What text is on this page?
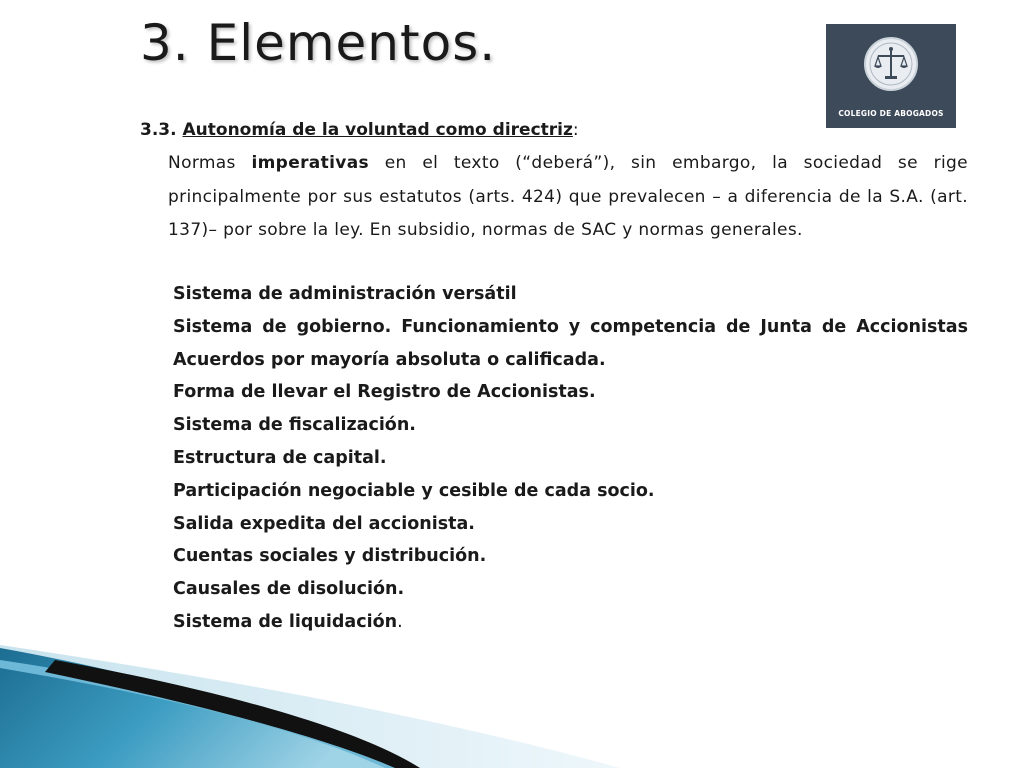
3. Elementos.
COLEGIO DE ABOGADOS
3.3. Autonomía de la voluntad como directriz:
Normas imperativas en el texto (“deberá”), sin embargo, la sociedad se rige principalmente por sus estatutos (arts. 424) que prevalecen – a diferencia de la S.A. (art. 137)– por sobre la ley. En subsidio, normas de SAC y normas generales.
Sistema de administración versátil
Sistema de gobierno. Funcionamiento y competencia de Junta de Accionistas Acuerdos por mayoría absoluta o calificada.
Forma de llevar el Registro de Accionistas.
Sistema de fiscalización.
Estructura de capital.
Participación negociable y cesible de cada socio.
Salida expedita del accionista.
Cuentas sociales y distribución.
Causales de disolución.
Sistema de liquidación.
